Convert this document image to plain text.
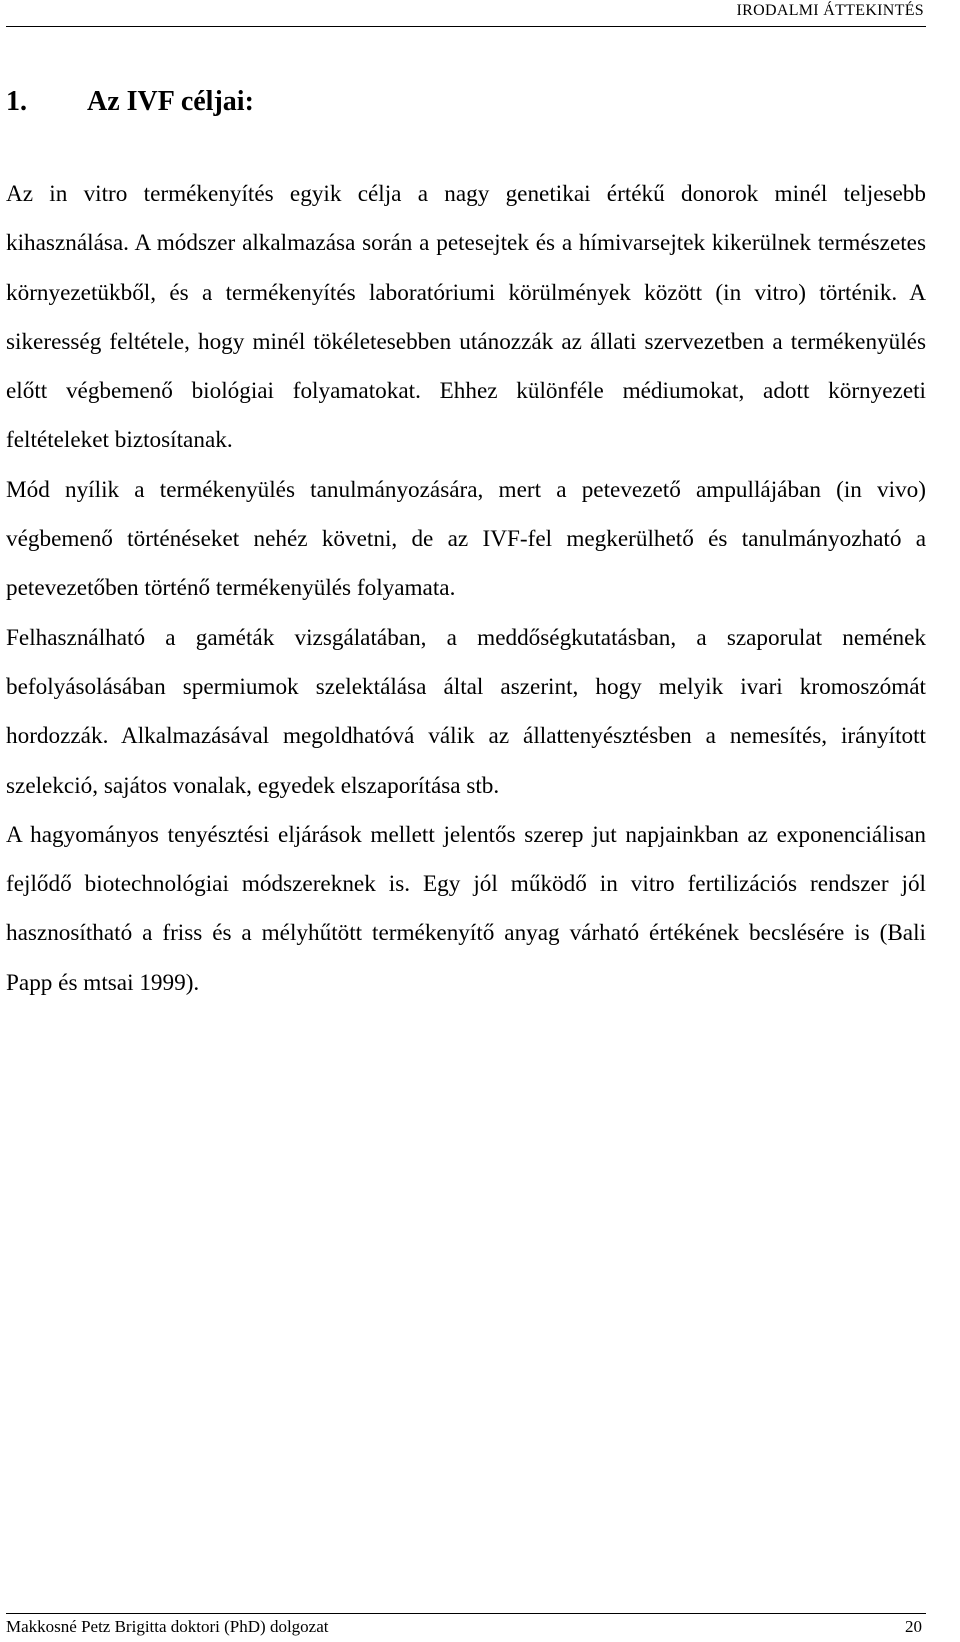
IRODALMI ÁTTEKINTÉS
1. Az IVF céljai:

Az in vitro termékenyítés egyik célja a nagy genetikai értékű donorok minél teljesebb kihasználása. A módszer alkalmazása során a petesejtek és a hímivarsejtek kikerülnek természetes környezetükből, és a termékenyítés laboratóriumi körülmények között (in vitro) történik. A sikeresség feltétele, hogy minél tökéletesebben utánozzák az állati szervezetben a termékenyülés előtt végbemenő biológiai folyamatokat. Ehhez különféle médiumokat, adott környezeti feltételeket biztosítanak.

Mód nyílik a termékenyülés tanulmányozására, mert a petevezető ampullájában (in vivo) végbemenő történéseket nehéz követni, de az IVF-fel megkerülhető és tanulmányozható a petevezetőben történő termékenyülés folyamata.

Felhasználható a gaméták vizsgálatában, a meddőségkutatásban, a szaporulat nemének befolyásolásában spermiumok szelektálása által aszerint, hogy melyik ivari kromoszómát hordozzák. Alkalmazásával megoldhatóvá válik az állattenyésztésben a nemesítés, irányított szelekció, sajátos vonalak, egyedek elszaporítása stb.

A hagyományos tenyésztési eljárások mellett jelentős szerep jut napjainkban az exponenciálisan fejlődő biotechnológiai módszereknek is. Egy jól működő in vitro fertilizációs rendszer jól hasznosítható a friss és a mélyhűtött termékenyítő anyag várható értékének becslésére is (Bali Papp és mtsai 1999).

Makkosné Petz Brigitta doktori (PhD) dolgozat	20
